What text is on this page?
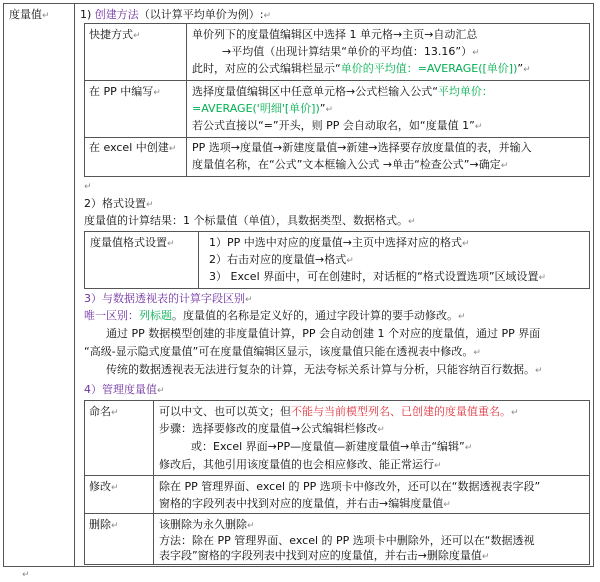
度量值↵	1) 创建方法（以计算平均单价为例）:↵
快捷方式↵	单价列下的度量值编辑区中选择 1 单元格→主页→自动汇总
→平均值（出现计算结果“单价的平均值：13.16”）↵
此时，对应的公式编辑栏显示“单价的平均值：=AVERAGE([单价])”↵
在 PP 中编写↵	选择度量值编辑区中任意单元格→公式栏输入公式“平均单价：
=AVERAGE('明细'[单价])”↵
若公式直接以“=”开头，则 PP 会自动取名，如“度量值 1”↵
在 excel 中创建↵ PP 选项→度量值→新建度量值→新建→选择要存放度量值的表，并输入
度量值名称，在“公式”文本框输入公式 →单击“检查公式”→确定↵
↵
2）格式设置↵
度量值的计算结果：1 个标量值（单值），具数据类型、数据格式。↵
度量值格式设置↵	1）PP 中选中对应的度量值→主页中选择对应的格式↵
2）右击对应的度量值→格式↵
3） Excel 界面中，可在创建时，对话框的“格式设置选项”区域设置↵
3）与数据透视表的计算字段区别↵
唯一区别：列标题。度量值的名称是定义好的，通过字段计算的要手动修改。↵
通过 PP 数据模型创建的非度量值计算，PP 会自动创建 1 个对应的度量值，通过 PP 界面
“高级-显示隐式度量值”可在度量值编辑区显示，该度量值只能在透视表中修改。↵
传统的数据透视表无法进行复杂的计算，无法夸标关系计算与分析，只能容纳百行数据。↵
4）管理度量值↵
命名↵	可以中文、也可以英文；但不能与当前模型列名、已创建的度量值重名。↵
步骤：选择要修改的度量值→公式编辑栏修改↵
或：Excel 界面→PP—度量值—新建度量值→单击“编辑”↵
修改后，其他引用该度量值的也会相应修改、能正常运行↵
修改↵	除在 PP 管理界面、excel 的 PP 选项卡中修改外，还可以在“数据透视表字段”
窗格的字段列表中找到对应的度量值，并右击→编辑度量值↵
删除↵	该删除为永久删除↵
方法：除在 PP 管理界面、excel 的 PP 选项卡中删除外，还可以在“数据透视
表字段”窗格的字段列表中找到对应的度量值，并右击→删除度量值↵
↵
